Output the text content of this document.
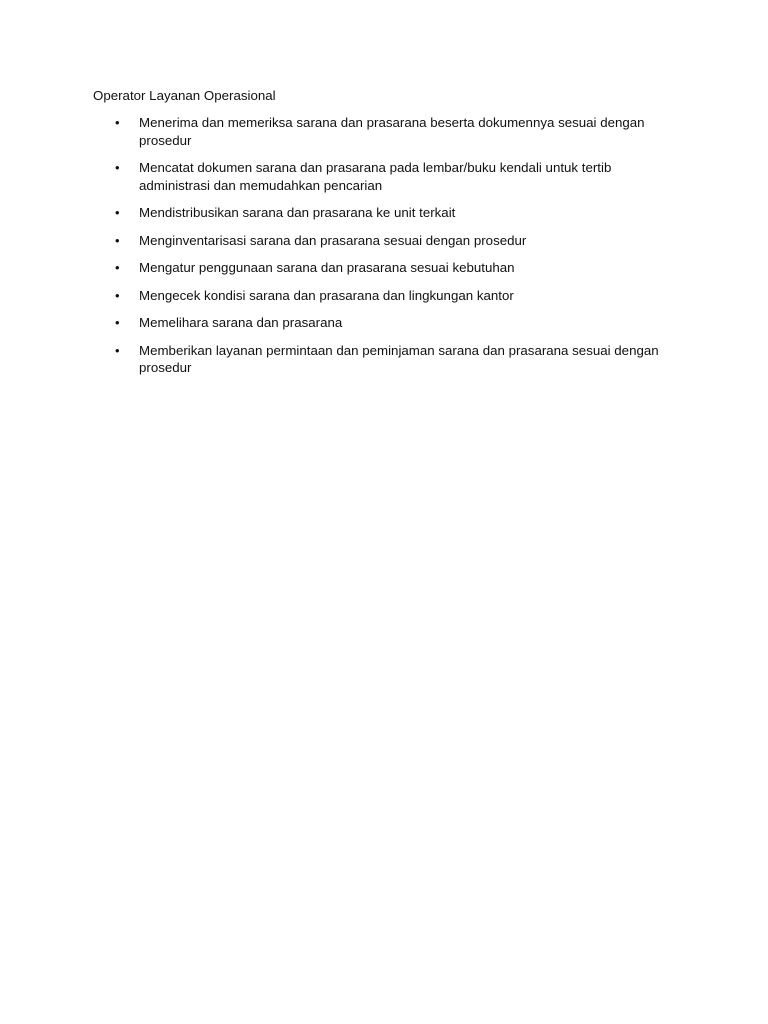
Operator Layanan Operasional
• Menerima dan memeriksa sarana dan prasarana beserta dokumennya sesuai dengan prosedur
• Mencatat dokumen sarana dan prasarana pada lembar/buku kendali untuk tertib administrasi dan memudahkan pencarian
• Mendistribusikan sarana dan prasarana ke unit terkait
• Menginventarisasi sarana dan prasarana sesuai dengan prosedur
• Mengatur penggunaan sarana dan prasarana sesuai kebutuhan
• Mengecek kondisi sarana dan prasarana dan lingkungan kantor
• Memelihara sarana dan prasarana
• Memberikan layanan permintaan dan peminjaman sarana dan prasarana sesuai dengan prosedur
